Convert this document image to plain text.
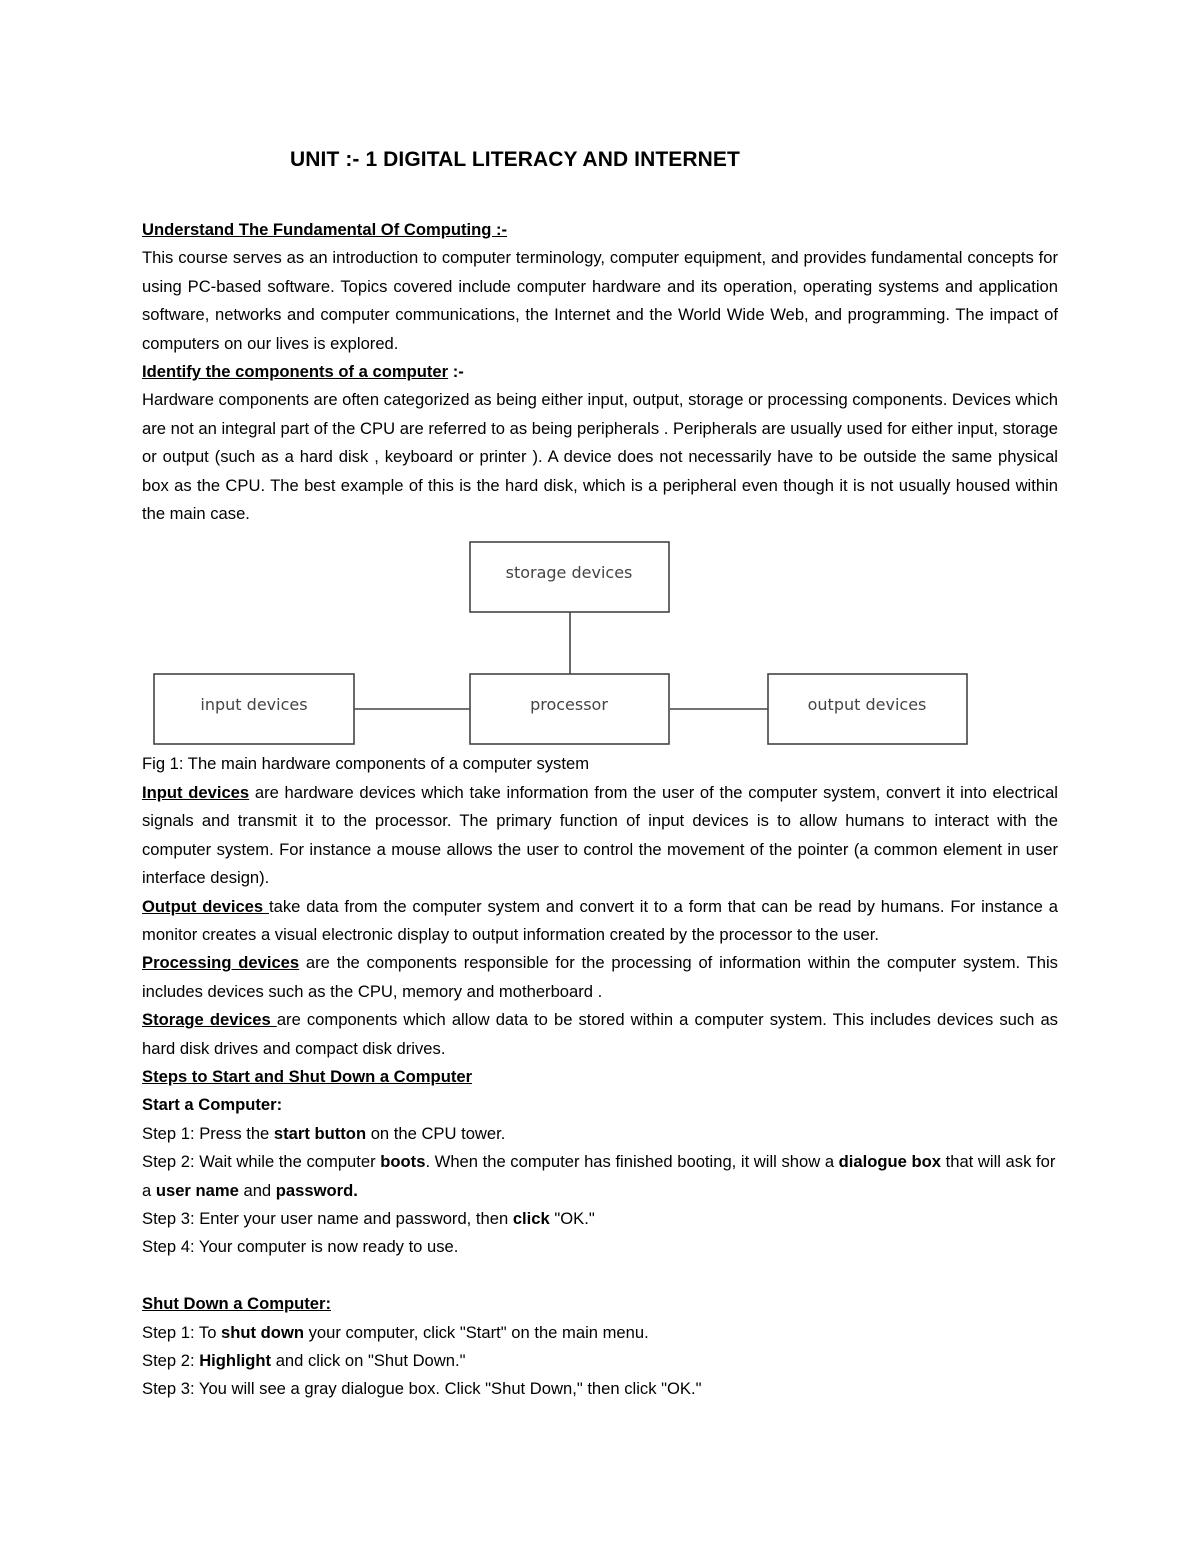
UNIT :- 1 DIGITAL LITERACY AND INTERNET

Understand The Fundamental Of Computing :-

This course serves as an introduction to computer terminology, computer equipment, and provides fundamental concepts for using PC-based software. Topics covered include computer hardware and its operation, operating systems and application software, networks and computer communications, the Internet and the World Wide Web, and programming. The impact of computers on our lives is explored.

Identify the components of a computer :-

Hardware components are often categorized as being either input, output, storage or processing components. Devices which are not an integral part of the CPU are referred to as being peripherals . Peripherals are usually used for either input, storage or output (such as a hard disk , keyboard or printer ). A device does not necessarily have to be outside the same physical box as the CPU. The best example of this is the hard disk, which is a peripheral even though it is not usually housed within the main case.

storage devices
input devices	processor	output devices

Fig 1: The main hardware components of a computer system

Input devices are hardware devices which take information from the user of the computer system, convert it into electrical signals and transmit it to the processor. The primary function of input devices is to allow humans to interact with the computer system. For instance a mouse allows the user to control the movement of the pointer (a common element in user interface design).

Output devices take data from the computer system and convert it to a form that can be read by humans. For instance a monitor creates a visual electronic display to output information created by the processor to the user.

Processing devices are the components responsible for the processing of information within the computer system. This includes devices such as the CPU, memory and motherboard .

Storage devices are components which allow data to be stored within a computer system. This includes devices such as hard disk drives and compact disk drives.

Steps to Start and Shut Down a Computer

Start a Computer:

Step 1: Press the start button on the CPU tower.

Step 2: Wait while the computer boots. When the computer has finished booting, it will show a dialogue box that will ask for a user name and password.

Step 3: Enter your user name and password, then click "OK."

Step 4: Your computer is now ready to use.

Shut Down a Computer:

Step 1: To shut down your computer, click "Start" on the main menu.

Step 2: Highlight and click on "Shut Down."

Step 3: You will see a gray dialogue box. Click "Shut Down," then click "OK."
